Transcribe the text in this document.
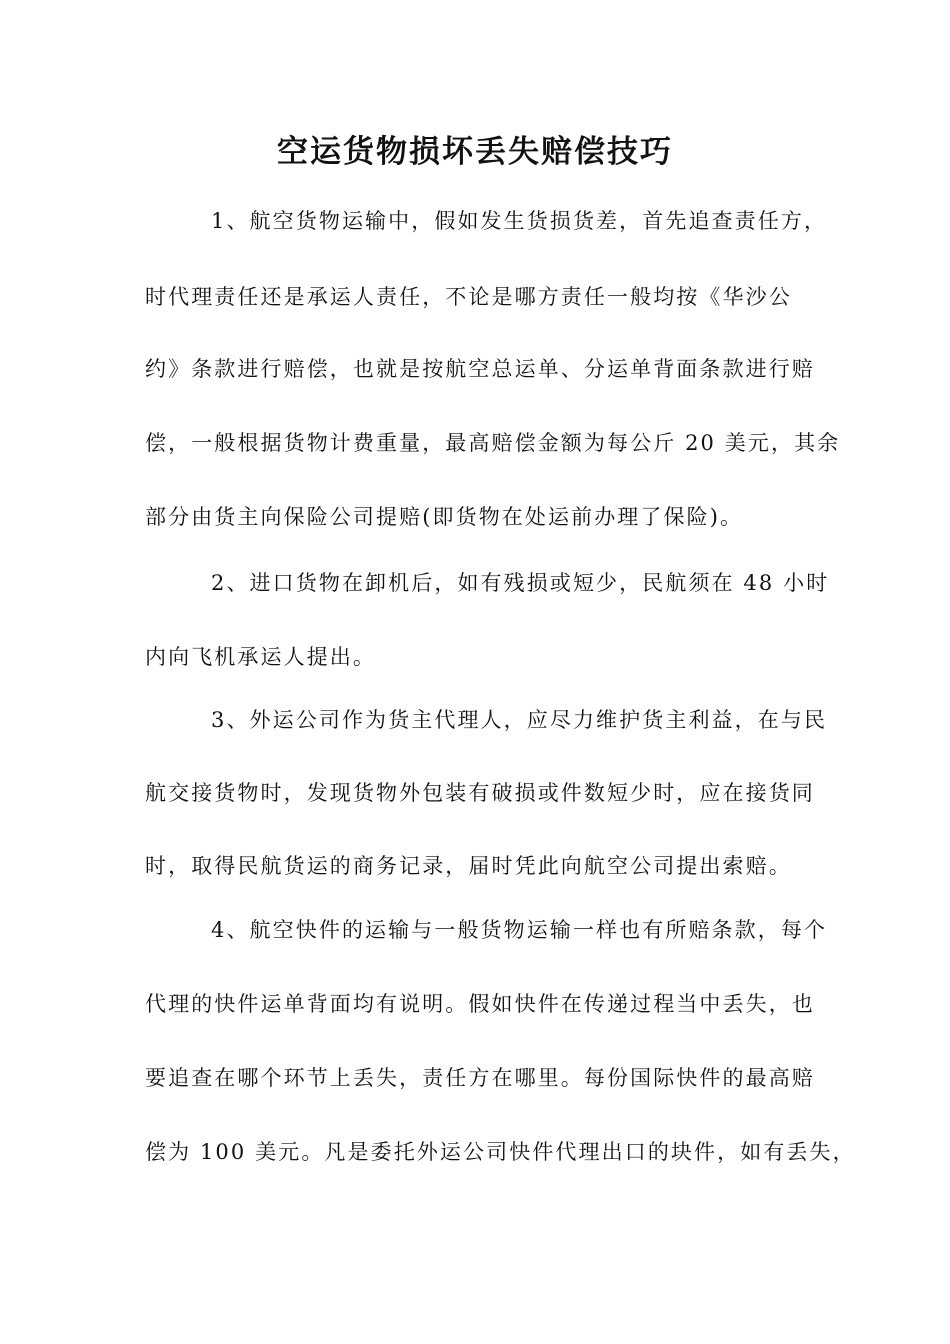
空运货物损坏丢失赔偿技巧

1、航空货物运输中，假如发生货损货差，首先追查责任方，

时代理责任还是承运人责任，不论是哪方责任一般均按《华沙公

约》条款进行赔偿，也就是按航空总运单、分运单背面条款进行赔

偿，一般根据货物计费重量，最高赔偿金额为每公斤 20 美元，其余

部分由货主向保险公司提赔(即货物在处运前办理了保险)。

2、进口货物在卸机后，如有残损或短少，民航须在 48 小时

内向飞机承运人提出。

3、外运公司作为货主代理人，应尽力维护货主利益，在与民

航交接货物时，发现货物外包装有破损或件数短少时，应在接货同

时，取得民航货运的商务记录，届时凭此向航空公司提出索赔。

4、航空快件的运输与一般货物运输一样也有所赔条款，每个

代理的快件运单背面均有说明。假如快件在传递过程当中丢失，也

要追查在哪个环节上丢失，责任方在哪里。每份国际快件的最高赔

偿为 100 美元。凡是委托外运公司快件代理出口的块件，如有丢失，
